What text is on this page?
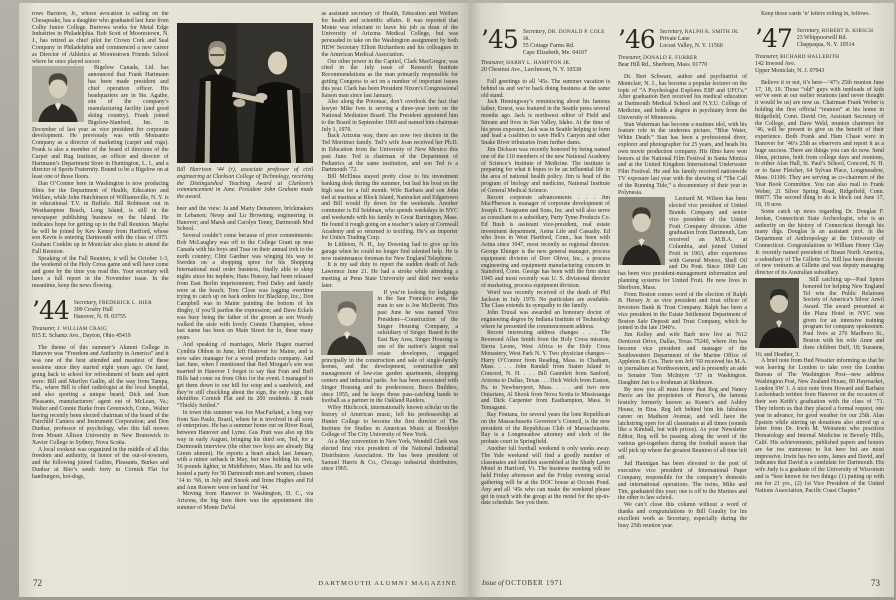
rows Barstow, Jr., whose avocation is sailing on the Chesapeake, has a daughter who graduated last June from Colby Junior College. Burrows works for Metal Edge Industries in Philadelphia. Bob Scott of Moorestown, N. J., has retired as chief pilot for Crown Cork and Seal Company in Philadelphia and commenced a new career as Director of Athletics at Moorestown Friends School where he once played soccer.

Bigelow Canada, Ltd. has announced that Frank Hartmann has been made president and chief operation officer. His headquarters are in Ste. Agathe, site of the company’s manufacturing facility (and good skiing country). Frank joined Bigelow-Stanford, Inc. in December of last year as vice president for corporate development. He previously was with Monsanto Company as a director of marketing (carpet and rugs). Frank is also a member of the board of directors of the Carpet and Rug Institute, an officer and director of Hartmann’s Department Store in Huntington, L. I., and a director of Sports Fraternity. Bound to be a Bigelow on at least one of those floors.

Dan O’Connor here in Washington is now producing films for the Department of Health, Education and Welfare, while John Hutchinson of Williamsville, N. Y. is in educational T.V. in Buffalo. Bill Robinson out in Westhampton Beach, Long Island, is still in the newspaper publishing business on the Island. He indicates hope for getting up to the Fall Reunion. Maybe he will be joined by Kev Kenny from Hartford, whose son Kevin is entering Dartmouth with the class of 1975. Graham Conklin up in Montclair also plans to attend the Fall Reunion.

Speaking of the Fall Reunion, it will be October 1-3, the weekend of the Holy Cross game and will have come and gone by the time you read this. Your secretary will have a full report in the November issue. In the meantime, keep the news flowing.

’44 Secretary, FREDERICK L. HIER
309 Crosby Hall
Hanover, N. H. 03755
Treasurer, J. WILLIAM CRAIG
815 E. Schantz Ave., Dayton, Ohio 45419

The theme of this summer’s Alumni College in Hanover was “Freedom and Authority in America” and it was one of the best attended and meatiest of these sessions since they started eight years ago. On hand, going back to school for refreshment of brain and spirit were: Bill and Marilyn Gatlin, all the way from Tampa, Fla., where Bill is chief radiologist at the local hospital, and also sporting a unique beard; Dick and Joan Pleasants, manufacturers’ agent out of McLean, Va.; Walter and Connie Burke from Greenwich, Conn., Walter having recently been elected chairman of the board of the Fairchild Camera and Instrument Corporation; and Don Dunbar, professor of psychology, who this fall moves from Mount Allison University in New Brunswick to Xavier College in Sydney, Nova Scotia.

A local cookout was organized in the middle of all this freedom and authority, in honor of the out-of-towners, and the following joined Gatlins, Pleasants, Burkes and Dunbar at Bier’s south forty in Cornish Flat for hamburgers, hot-dogs,

Bill Harrison ’44 (r), associate professor of civil engineering at Clarkson College of Technology, receiving the Distinguished Teaching Award at Clarkson’s commencement in June. President John Graham made the award.

beer and the view: Ja and Marty Densmore, brickmakers in Lebanon; Newp and Lu Browning, engineering in Hanover; and Marsh and Carolyn Tenny, Dartmouth Med School.

Several couldn’t come because of prior commitments: Bob McLaughry was off to the College Grant up near Canada with his boys and Tuss on their annual trek to the north country; Clint Gardner was winging his way to Sweden on a shopping spree for his Shopping International mail order business, finally able to sleep nights since his nephew, Hans Huessy, had been released from East Berlin imprisonment; Fred Daley and family were at the beach; Tom Close was logging overtime trying to catch up on back orders for Blacktop, Inc.; Don Campbell was in Maine painting the bottom of his dinghy, if you’ll pardon the expression; and Dave Eckels was busy being the father of the groom as son Woody walked the aisle with lovely Connie Champion, whose last name has been on Main Street for lo, these many years.

And speaking of marriages, Merle Hagen married Cynthia Ohbon in June, left Hanover for Maine, and is now sales manager for a wood products company. And last June, when I mentioned that Red Morgan’s son was married in Hanover I forgot to say that Fran and Buff Hills had come on from Ohio for the event. I managed to get them down to our hill for soup and a sandwich, and they’re still chuckling about the sign, the only sign, that identifies Cornish Flat and its 200 residents. It reads “Thickly Settled.”

In town this summer was Joe MacFarland, a long way from Sao Paulo, Brazil, where he is involved in all sorts of enterprises. He has a summer home out on River Road, between Hanover and Lyme. Gus Pratt was also up this way in early August, bringing his third son, Ted, for a Dartmouth interview (the other two boys are already Big Green alumni). He reports a heart attack last January, with a minor setback in May, but now holding his own, 36 pounds lighter, in Middleboro, Mass. He and his wife hosted a party for 50 Dartmouth men and women, classes ’14 to ’66, in July and Snook and Irene Hughes and Ed and Ann Roewer were on hand for ’44.

Moving from Hanover to Washington, D. C., via Arizona, the big item there was the appointment this summer of Monte DuVal

as assistant secretary of Health, Education and Welfare for health and scientific affairs. It was reported that Monte was reluctant to leave his job as dean of the University of Arizona Medical College, but was persuaded to take on the Washington assignment by both HEW Secretary Elliott Richardson and his colleagues in the American Medical Association.

Our other power in the Capitol, Clark MacGregor, was cited in the July issue of Research Institute Recommendations as the man primarily responsible for getting Congress to act on a number of important issues this year. Clark has been President Nixon’s Congressional liaison man since last January.

Also along the Potomac, don’t overlook the fact that lawyer Mike Ives is serving a three-year term on the National Mediation Board. The President appointed him to the Board in September 1969 and named him chairman July 1, 1970.

Back Arizona way, there are now two doctors in the Ted Mortimer family. Ted’s wife Joan received her Ph.D. in Education from the University of New Mexico this past June. Ted is chairman of the Department of Pediatrics at the same institution, and son Ted is a Dartmouth ’72.

Bill McElnea stayed pretty close to his investment banking desk during the summer, but had his boat on the high seas for a full month. Wife Barbara and son John tied at marinas at Block Island, Nantucket and Edgartown and Bill would fly down for the weekends. Another commuter is Ed Seidman, who spends weekdays in NYC and weekends with his family in Great Barrington, Mass. He found it rough going on a teacher’s salary at Cornwall Academy and so returned to textiling. He’s an importer for Unitex Trading Corp.

In Littleton, N. H., Jay Downing had to give up his garage when he could no longer find talented help. He is now maintenance foreman for New England Telephone.

It is my sad duty to report the sudden death of Jack Lawrence June 21. He had a stroke while attending a meeting at Penn State University and died two weeks later.

If you’re looking for lodgings in the San Francisco area, the man to see is Joe McDevitt. This past June he was named Vice President—Construction of the Singer Housing Company, a subsidiary of Singer. Based in the East Bay Area, Singer Housing is one of the nation’s largest real estate developers, engaged principally in the construction and sale of single-family homes, and the development, construction and management of low-rise garden apartments, shopping centers and industrial parks. Joe has been associated with Singer Housing and its predecessor, Besco Builders, since 1955, and he keeps those pass-catching hands in football as a partner in the Oakland Raiders.

Wiley Hitchcock, internationally known scholar on the history of American music, left his professorship at Hunter College to become the first director of The Institute for Studies in American Music at Brooklyn College of The City University of New York.

At a May convention in New York, Wendell Clark was elected first vice president of the National Industrial Distributors Association. He has been president of Samuel Harris & Co., Chicago industrial distributors, since 1965.

72	DARTMOUTH ALUMNI MAGAZINE
’45 Secretary, DR. DONALD P. COLE JR.
55 Cottage Farms Rd.
Cape Elizabeth, Me. 04107
Treasurer, HARRY L. HAMPTON JR.
20 Chestnut Ave., Larchmont, N. Y. 10538

Fall greetings to all ’45s. The summer vacation is behind us and we’re back doing business at the same old stand.

Jack Hemingway’s reminiscing about his famous father, Ernest, was featured in the Seattle press several months ago. Jack is northwest editor of Field and Stream and lives in Sun Valley, Idaho. At the time of his press exposure, Jack was in Seattle helping to form and lead a coalition to save Hell’s Canyon and other Snake River tributaries from further dams.

Jim Dickson was recently honored by being named one of the 110 members of the new National Academy of Science’s Institute of Medicine. The institute is preparing for what it hopes to be an influential life in the area of national health policy. Jim is head of the program of biology and medicine, National Institute of General Medical Science.

Recent corporate advancements . . . Jim MacPherson is manager of corporate development of Joseph E. Seagrams and Sons, Inc. and will also serve as consultant to a subsidiary, Party Tyme Products Co. Ed Bush is assistant vice-president, real estate investment department, Aetna Life and Casualty. Ed who lives in West Hartford, Conn., has been with Aetna since 1947, most recently as regional director. George Ehinger is the new general manager, process equipment division of Dorr Oliver, Inc., a process engineering and equipment manufacturing concern in Stamford, Conn. George has been with the firm since 1945 and most recently was U. S. divisional director of marketing, process equipment division.

Word was recently received of the death of Phil Jackson in July 1970. No particulars are available. The Class extends its sympathy to the family.

John Truxal was awarded an honorary doctor of engineering degree by Indiana Institute of Technology where he presented the commencement address.

Recent interesting address changes . . . The Reverend Allan Smith from the Holy Cross mission, Sierra Leone, West Africa to the Holy Cross Monastery, West Park N. Y. Two physician changes—Harry O’Connor from Reading, Mass. to Chatham, Mass. . . . John Randall from Staten Island to Concord, N. H. . . . Bill Gauntlett from Sanford, Arizona to Dallas, Texas . . . Dick Welch from Easton, Pa. to Newburyport, Mass. . . . and two new Ontarians, Al Shook from Nova Scotia to Mississauga and Dick Carpenter from Easthampton, Mass. to Temagami.

Ray Fontana, for several years the lone Republican on the Massachusetts Governor’s Council, is the new president of the Republican Club of Massachusetts. Ray is a Longmeadow attorney and clerk of the probate court in Springfield.

Another fall football weekend is only weeks away. The Yale weekend will find a goodly number of classmates and families assembled at the Shady Lawn Motel in Hartford, Vt. The business meeting will be held Friday afternoon and the Friday evening social gathering will be at the DOC house at Occum Pond. Any and all ’45s who can make the weekend please get in touch with the group at the motel for the up-to-date schedule. See you there.

’46 Secretary, RALPH K. SMITH JR.
Private Lane
Locust Valley, N. Y. 11560
Treasurer, DONALD E. FURBER
Bear Hill Rd., Sherborn, Mass. 01770

Dr. Bert Schwarz, author and psychiatrist of Montclair, N. J., has become a popular lecturer on the topic of “A Psychologist Explores ESP and UFO’s.” After graduation Bert received his medical education at Dartmouth Medical School and N.Y.U. College of Medicine, and holds a degree in psychiatry from the University of Minnesota.

Stan Waterman has become a matinee idol, with his feature role in the undersea picture, “Blue Water, White Death.” Stan has been a professional diver, explorer and photographer for 25 years, and heads his own movie production company. His films have won honors at the National Film Festival in Santa Monica and at the United Kingdom International Underwater Film Festival. He and his family received nationwide TV exposure last year with the showing of “The Call of the Running Tide,” a documentary of their year in Polynesia.

Leonard M. Wilson has been elected vice president of United Brands Company and senior vice president of the United Fruit Company division. After graduation from Dartmouth, Len received an M.B.A. at Columbia, and joined United Fruit in 1963, after experience with General Motors, Shell Oil and Du Pont. Since 1969 Len has been vice president-management information and planning systems for United Fruit. He now lives in Sherborn, Mass.

From Boston comes word of the election of Ralph B. Hersey Jr. as vice president and trust officer of Investors Bank & Trust Company. Ralph has been a vice president in the Estate Settlement Department of Boston Safe Deposit and Trust Company, which he joined in the late 1940’s.

Jim Kelley and wife Barb now live at 7612 Dentcrest Drive, Dallas, Texas 75240, where Jim has become vice president and manager of the Southwestern Department of the Marine Office of Appleton & Cox. Their son Jeff ’69 received his M.A. in journalism at Northwestern, and is presently an aide to Senator Tom McIntyre ’37 in Washington. Daughter Jan is a freshman at Skidmore.

By now you all must know that Reg and Nancy Pierce are the proprietors of Pierce’s, the famous hostelry formerly known as Keene’s and Ashley House, in Etna. Reg left behind him his fabulous career on Madison Avenue, and will have the latchstring open for all classmates at all times (sounds like a Kimball, but with prices). As your Newsletter Editor, Reg will be passing along the word of the various get-togethers during the football season that will pick up where the greatest Reunion of all time left off.

Jud Hannigan has been elevated to the post of executive vice president of International Paper Company, responsible for the company’s domestic and international operations. The twins, Mike and Tim, graduated this year; one is off to the Marines and the other to law school.

We can’t close this column without a word of thanks and congratulations to Bill Graulty for his excellent work as Secretary, especially during the busy 25th reunion year.

Keep those cards ’n’ letters rolling in, fellows.

’47 Secretary, ROBERT B. KIRSCH
23 Whippoorwill Rd.
Chappaqua, N. Y. 10514
Treasurer, RICHARD HALLERITH
142 Inwood Ave.
Upper Montclair, N. J. 07043

Believe it or not, it’s here—’47’s 25th reunion June 17, 18, 19. Those “old” guys with tentloads of kids we’ve seen at our earlier reunions (and never thought it would be us) are now us. Chairman Frank Weber is holding the first official “reunion” at his home in Ridgefield, Conn. David Orr, Assistant Secretary of the College, and Dave Weld, reunion chairmen for ’46, will be present to give us the benefit of their experience. Both Frank and Ham Chase were in Hanover for ’46’s 25th as observers and report it as a huge success. There are things you can do now. Send films, pictures, both from college days and reunions, to either Alan Hall, St. Paul’s School, Concord, N. H. or to Saxe Fletcher, 64 Sylvan Place, Longmeadow, Mass. 01106. They are serving as co-chairmen of the Year Book Committee. You can also mail to Frank Weber, 21 Silver Spring Road, Ridgefield, Conn. 06877. The second thing to do is block out June 17, 18, 19 now.

Some catch up news regarding Dr. Douglas F. Jordan, Connecticut State Archeologist, who is an authority on the history of Connecticut through his many digs. Douglas is an assistant prof. in the Department of Anthropology at the University of Connecticut. Congratulations to William Henry Clay Jr. recently named president of Braun North America, a subsidiary of The Gillette Co. Bill has been director of new ventures at Gillette and was deputy managing director of its Australian subsidiary.

Still catching up—Paul Spiers honored for helping New England Tel win the Public Relations Society of America’s Silver Anvil Award. The award presented at the Plaza Hotel in NYC was given for an intensive training program for company spokesmen. Paul lives at 276 Marlboro St., Boston with his wife Anne and three children Duff, 18; Suzanne, 16; and Heather, 3.

A brief note from Bud Nossiter informing us that he was leaving for London to take over the London Bureau of The Washington Post—new address Washington Post, New Zealand House, 80 Haymarket, London SW 1. A nice note from Howard and Barbara Luckenbach written from Hanover on the occasion of their son Keith’s graduation with the class of ’71. They inform us that they placed a formal request, one year in advance, for good weather for our 25th. Alan Epstein while stirring up donations also stirred up a letter from Dr. Irwin M. Weinstein who practices Hematology and Internal Medicine in Beverly Hills, Calif. His achievements, published papers and honors are far too numerous to list here but are most impressive. Irwin has two sons, James and David, and indicates that David is a candidate for Dartmouth. His wife Judy is a graduate of the University of Wisconsin and is “best known for two things: (1) putting up with me for 21 yrs., (2) 1st Vice President of the United Nations Association, Pacific Coast Chapter.”

Issue of OCTOBER 1971	73
